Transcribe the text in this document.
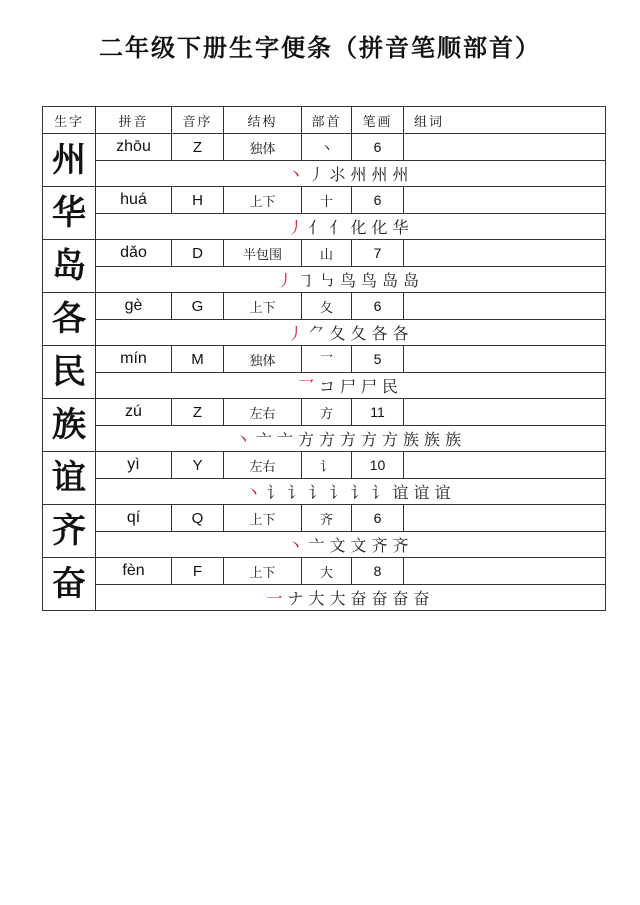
二年级下册生字便条（拼音笔顺部首）
生字	拼音	音序	结构	部首	笔画	组词
州	zhōu	Z	独体	丶	6	
	丶 丿 ⺢ 州 州 州					
华	huá	H	上下	十	6	
	丿 亻 亻 化 化 华					
岛	dǎo	D	半包围	山	7	
	丿 ㇆ ㇉ 鸟 鸟 岛 岛					
各	gè	G	上下	夂	6	
	丿 ⺈ 夂 夂 各 各					
民	mín	M	独体	乛	5	
	乛 コ 尸 尸 民					
族	zú	Z	左右	方	11	
	丶 亠 亠 方 方 方 方 方 族 族 族					
谊	yì	Y	左右	讠	10	
	丶 讠 讠 讠 讠 讠 讠 谊 谊 谊					
齐	qí	Q	上下	齐	6	
	丶 亠 文 文 齐 齐					
奋	fèn	F	上下	大	8	
	一 ナ 大 大 奋 奋 奋 奋					
